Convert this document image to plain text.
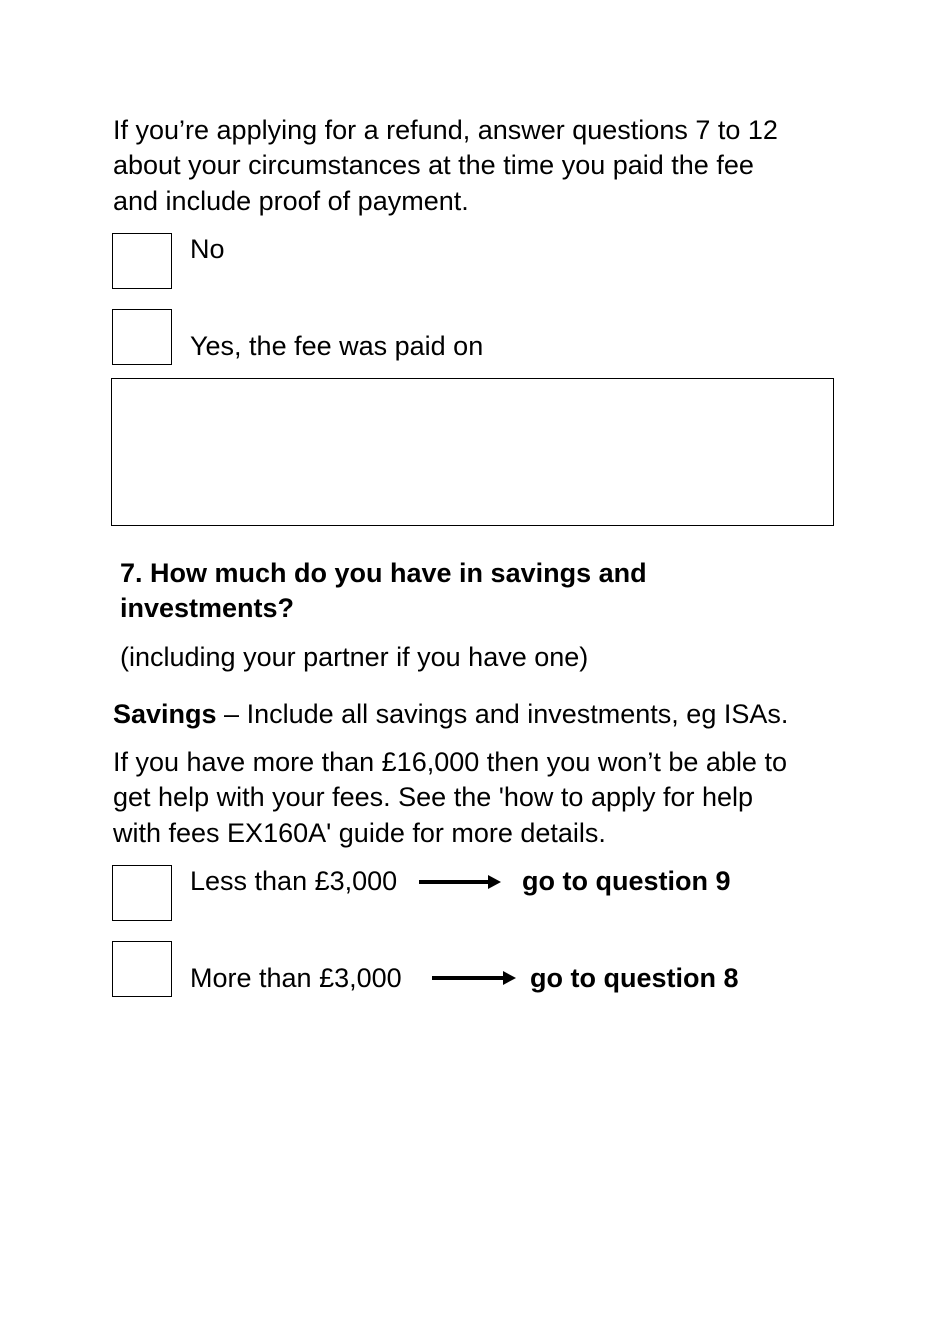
If you’re applying for a refund, answer questions 7 to 12
about your circumstances at the time you paid the fee
and include proof of payment.
No
Yes, the fee was paid on
7. How much do you have in savings and
investments?
(including your partner if you have one)
Savings – Include all savings and investments, eg ISAs.
If you have more than £16,000 then you won’t be able to
get help with your fees. See the 'how to apply for help
with fees EX160A' guide for more details.
Less than £3,000	go to question 9
More than £3,000	go to question 8
